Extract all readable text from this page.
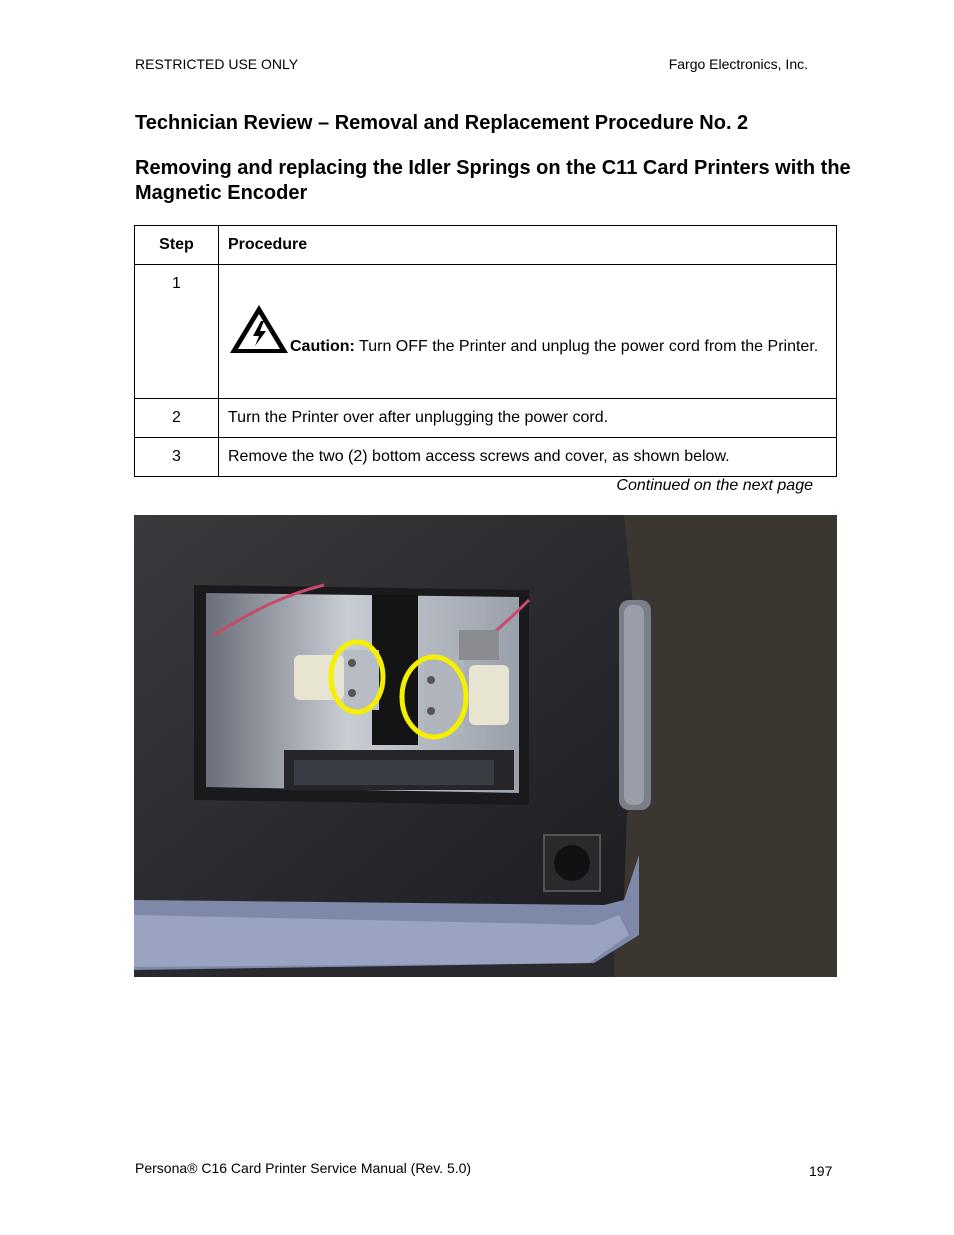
RESTRICTED USE ONLY	Fargo Electronics, Inc.
Technician Review – Removal and Replacement Procedure No. 2
Removing and replacing the Idler Springs on the C11 Card Printers with the Magnetic Encoder
Step	Procedure
1	Caution: Turn OFF the Printer and unplug the power cord from the Printer.

2	Turn the Printer over after unplugging the power cord.
3	Remove the two (2) bottom access screws and cover, as shown below.
Continued on the next page
Persona® C16 Card Printer Service Manual (Rev. 5.0)	197
